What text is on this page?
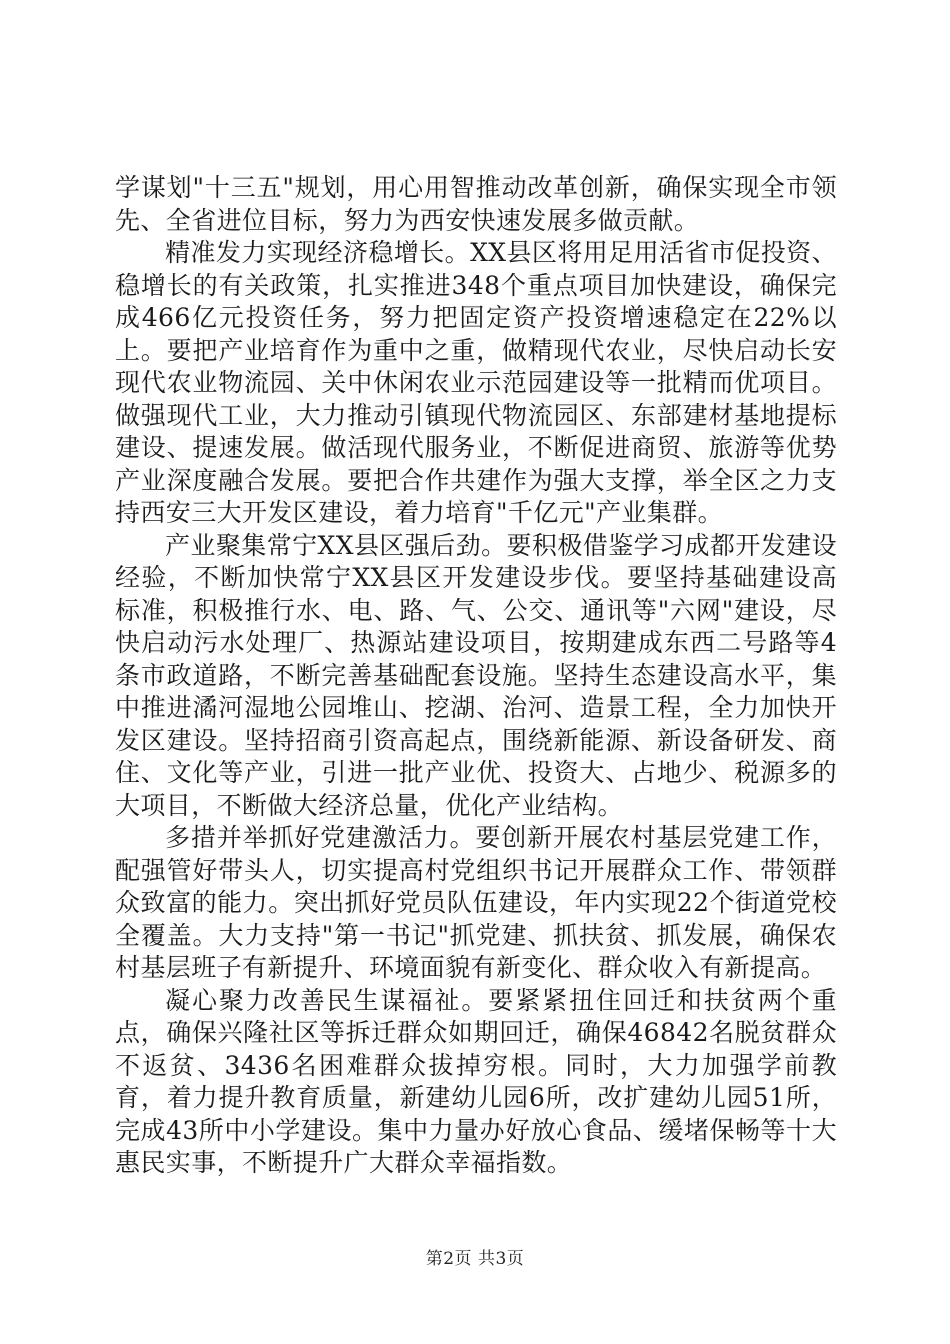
学谋划"十三五"规划，用心用智推动改革创新，确保实现全市领先、全省进位目标，努力为西安快速发展多做贡献。

精准发力实现经济稳增长。XX县区将用足用活省市促投资、稳增长的有关政策，扎实推进348个重点项目加快建设，确保完成466亿元投资任务，努力把固定资产投资增速稳定在22%以上。要把产业培育作为重中之重，做精现代农业，尽快启动长安现代农业物流园、关中休闲农业示范园建设等一批精而优项目。做强现代工业，大力推动引镇现代物流园区、东部建材基地提标建设、提速发展。做活现代服务业，不断促进商贸、旅游等优势产业深度融合发展。要把合作共建作为强大支撑，举全区之力支持西安三大开发区建设，着力培育"千亿元"产业集群。

产业聚集常宁XX县区强后劲。要积极借鉴学习成都开发建设经验，不断加快常宁XX县区开发建设步伐。要坚持基础建设高标准，积极推行水、电、路、气、公交、通讯等"六网"建设，尽快启动污水处理厂、热源站建设项目，按期建成东西二号路等4条市政道路，不断完善基础配套设施。坚持生态建设高水平，集中推进潏河湿地公园堆山、挖湖、治河、造景工程，全力加快开发区建设。坚持招商引资高起点，围绕新能源、新设备研发、商住、文化等产业，引进一批产业优、投资大、占地少、税源多的大项目，不断做大经济总量，优化产业结构。

多措并举抓好党建激活力。要创新开展农村基层党建工作，配强管好带头人，切实提高村党组织书记开展群众工作、带领群众致富的能力。突出抓好党员队伍建设，年内实现22个街道党校全覆盖。大力支持"第一书记"抓党建、抓扶贫、抓发展，确保农村基层班子有新提升、环境面貌有新变化、群众收入有新提高。

凝心聚力改善民生谋福祉。要紧紧扭住回迁和扶贫两个重点，确保兴隆社区等拆迁群众如期回迁，确保46842名脱贫群众不返贫、3436名困难群众拔掉穷根。同时，大力加强学前教育，着力提升教育质量，新建幼儿园6所，改扩建幼儿园51所，完成43所中小学建设。集中力量办好放心食品、缓堵保畅等十大惠民实事，不断提升广大群众幸福指数。

第2页 共3页
